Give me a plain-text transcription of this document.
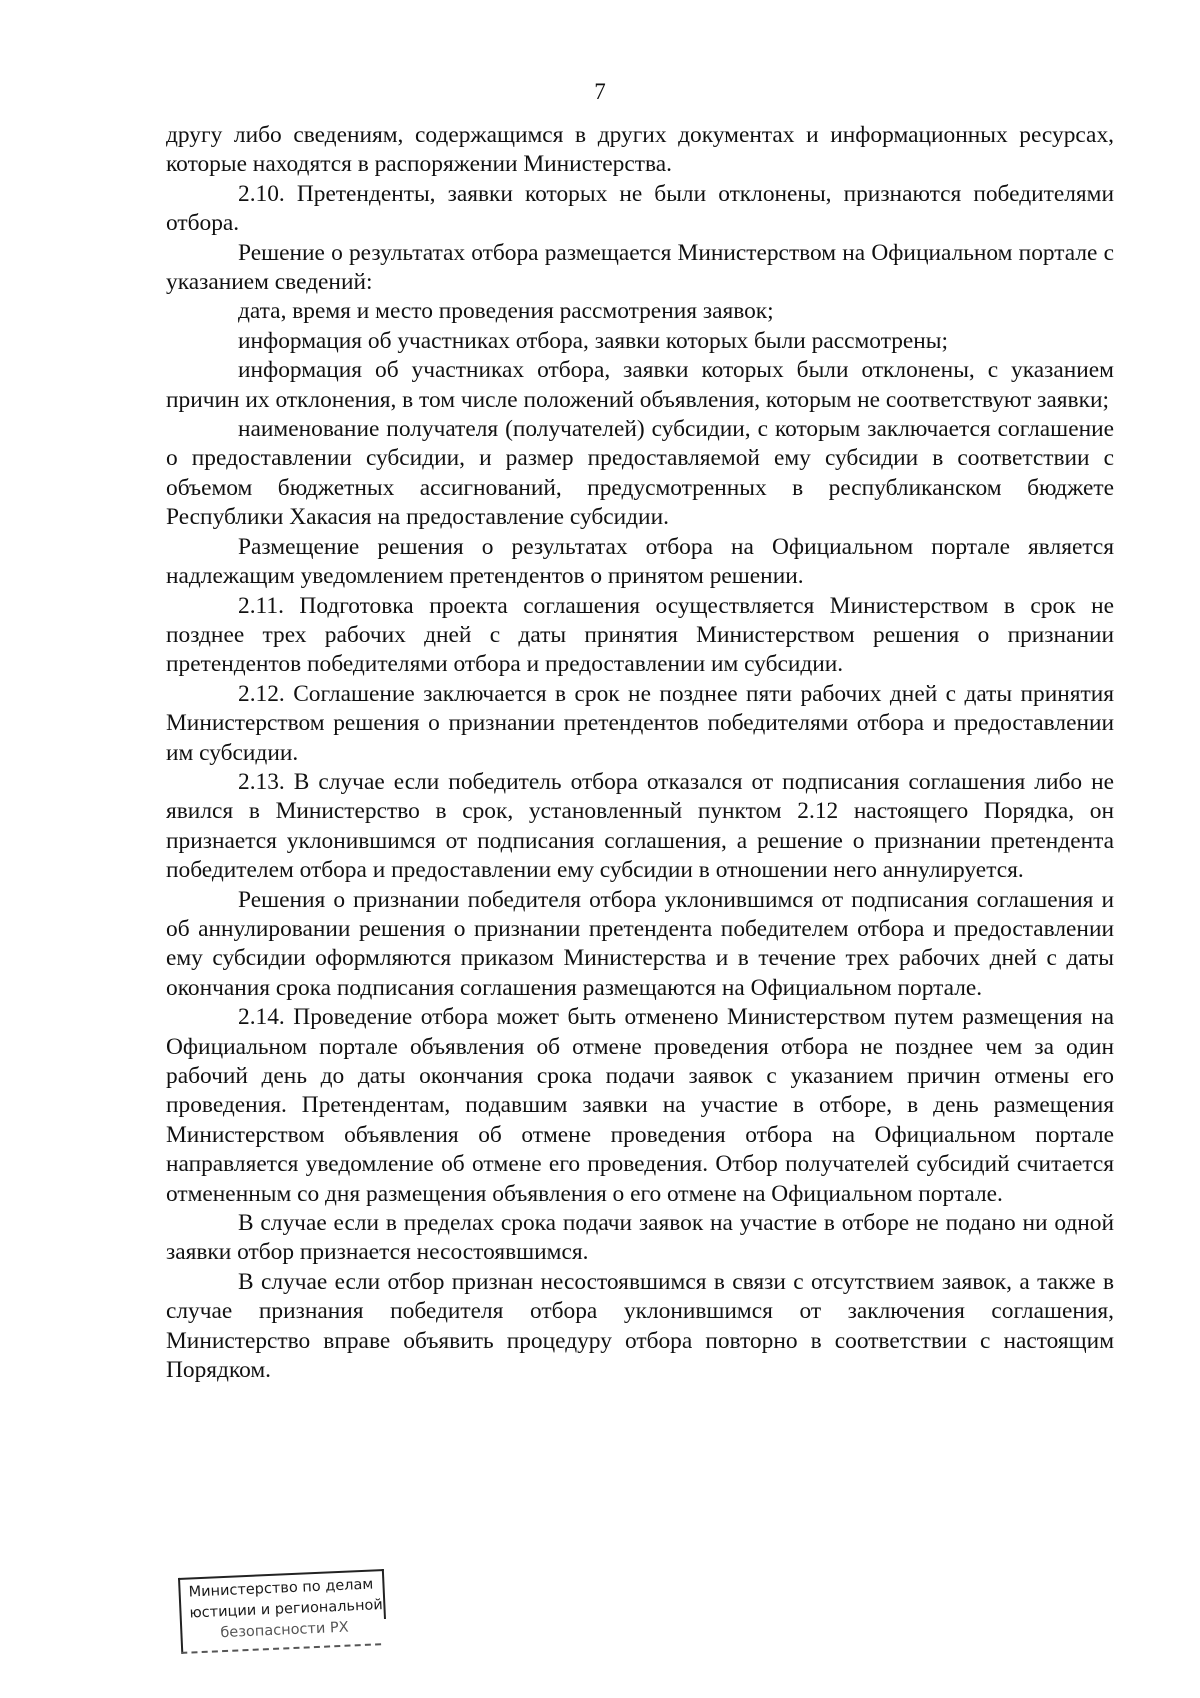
7

другу либо сведениям, содержащимся в других документах и информационных ресурсах, которые находятся в распоряжении Министерства.

2.10. Претенденты, заявки которых не были отклонены, признаются победителями отбора.

Решение о результатах отбора размещается Министерством на Официальном портале с указанием сведений:

дата, время и место проведения рассмотрения заявок;

информация об участниках отбора, заявки которых были рассмотрены;

информация об участниках отбора, заявки которых были отклонены, с указанием причин их отклонения, в том числе положений объявления, которым не соответствуют заявки;

наименование получателя (получателей) субсидии, с которым заключается соглашение о предоставлении субсидии, и размер предоставляемой ему субсидии в соответствии с объемом бюджетных ассигнований, предусмотренных в республиканском бюджете Республики Хакасия на предоставление субсидии.

Размещение решения о результатах отбора на Официальном портале является надлежащим уведомлением претендентов о принятом решении.

2.11. Подготовка проекта соглашения осуществляется Министерством в срок не позднее трех рабочих дней с даты принятия Министерством решения о признании претендентов победителями отбора и предоставлении им субсидии.

2.12. Соглашение заключается в срок не позднее пяти рабочих дней с даты принятия Министерством решения о признании претендентов победителями отбора и предоставлении им субсидии.

2.13. В случае если победитель отбора отказался от подписания соглашения либо не явился в Министерство в срок, установленный пунктом 2.12 настоящего Порядка, он признается уклонившимся от подписания соглашения, а решение о признании претендента победителем отбора и предоставлении ему субсидии в отношении него аннулируется.

Решения о признании победителя отбора уклонившимся от подписания соглашения и об аннулировании решения о признании претендента победителем отбора и предоставлении ему субсидии оформляются приказом Министерства и в течение трех рабочих дней с даты окончания срока подписания соглашения размещаются на Официальном портале.

2.14. Проведение отбора может быть отменено Министерством путем размещения на Официальном портале объявления об отмене проведения отбора не позднее чем за один рабочий день до даты окончания срока подачи заявок с указанием причин отмены его проведения. Претендентам, подавшим заявки на участие в отборе, в день размещения Министерством объявления об отмене проведения отбора на Официальном портале направляется уведомление об отмене его проведения. Отбор получателей субсидий считается отмененным со дня размещения объявления о его отмене на Официальном портале.

В случае если в пределах срока подачи заявок на участие в отборе не подано ни одной заявки отбор признается несостоявшимся.

В случае если отбор признан несостоявшимся в связи с отсутствием заявок, а также в случае признания победителя отбора уклонившимся от заключения соглашения, Министерство вправе объявить процедуру отбора повторно в соответствии с настоящим Порядком.

Министерство по делам
юстиции и региональной
безопасности РХ
